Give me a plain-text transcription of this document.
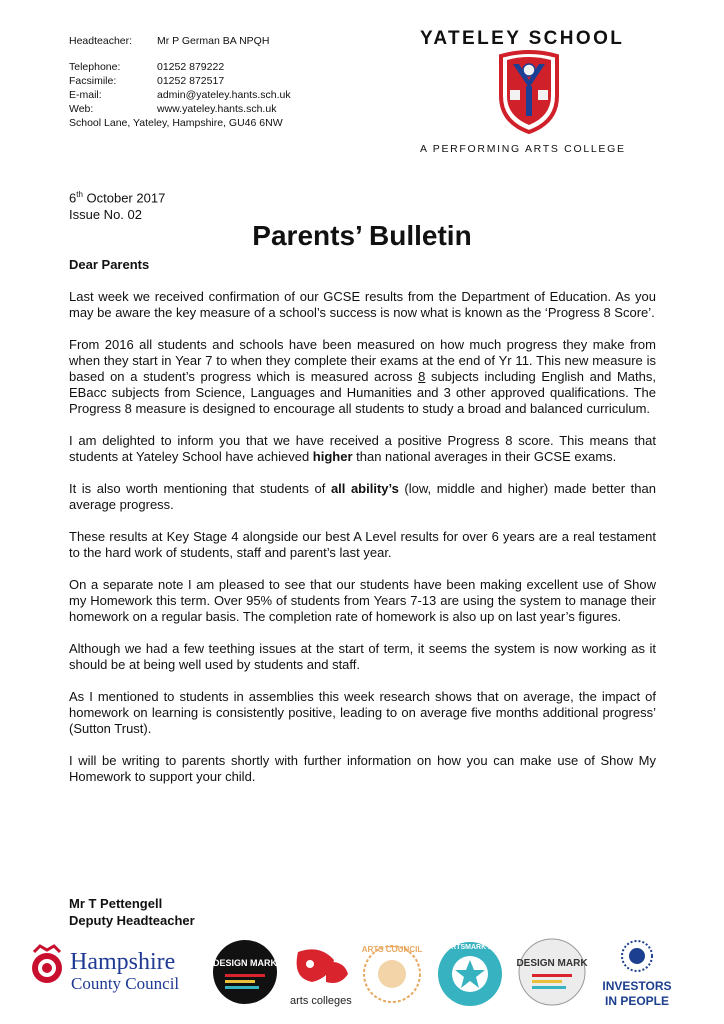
Headteacher:	Mr P German BA NPQH
Telephone:	01252 879222
Facsimile:	01252 872517
E-mail:	admin@yateley.hants.sch.uk
Web:	www.yateley.hants.sch.uk
School Lane, Yateley, Hampshire, GU46 6NW
YATELEY SCHOOL
A PERFORMING ARTS COLLEGE
6th October 2017
Issue No. 02
Parents’ Bulletin
Dear Parents

Last week we received confirmation of our GCSE results from the Department of Education. As you may be aware the key measure of a school’s success is now what is known as the ‘Progress 8 Score’.

From 2016 all students and schools have been measured on how much progress they make from when they start in Year 7 to when they complete their exams at the end of Yr 11. This new measure is based on a student’s progress which is measured across 8 subjects including English and Maths, EBacc subjects from Science, Languages and Humanities and 3 other approved qualifications. The Progress 8 measure is designed to encourage all students to study a broad and balanced curriculum.

I am delighted to inform you that we have received a positive Progress 8 score. This means that students at Yateley School have achieved higher than national averages in their GCSE exams.

It is also worth mentioning that students of all ability’s (low, middle and higher) made better than average progress.

These results at Key Stage 4 alongside our best A Level results for over 6 years are a real testament to the hard work of students, staff and parent’s last year.

On a separate note I am pleased to see that our students have been making excellent use of Show my Homework this term. Over 95% of students from Years 7-13 are using the system to manage their homework on a regular basis. The completion rate of homework is also up on last year’s figures.

Although we had a few teething issues at the start of term, it seems the system is now working as it should be at being well used by students and staff.

As I mentioned to students in assemblies this week research shows that on average, the impact of homework on learning is consistently positive, leading to on average five months additional progress’ (Sutton Trust).

I will be writing to parents shortly with further information on how you can make use of Show My Homework to support your child.

Mr T Pettengell
Deputy Headteacher
Hampshire
County Council
DESIGN MARK
arts colleges
ARTS COUNCIL SPORTSMARK 2008
DESIGN MARK
INVESTORS
IN PEOPLE
